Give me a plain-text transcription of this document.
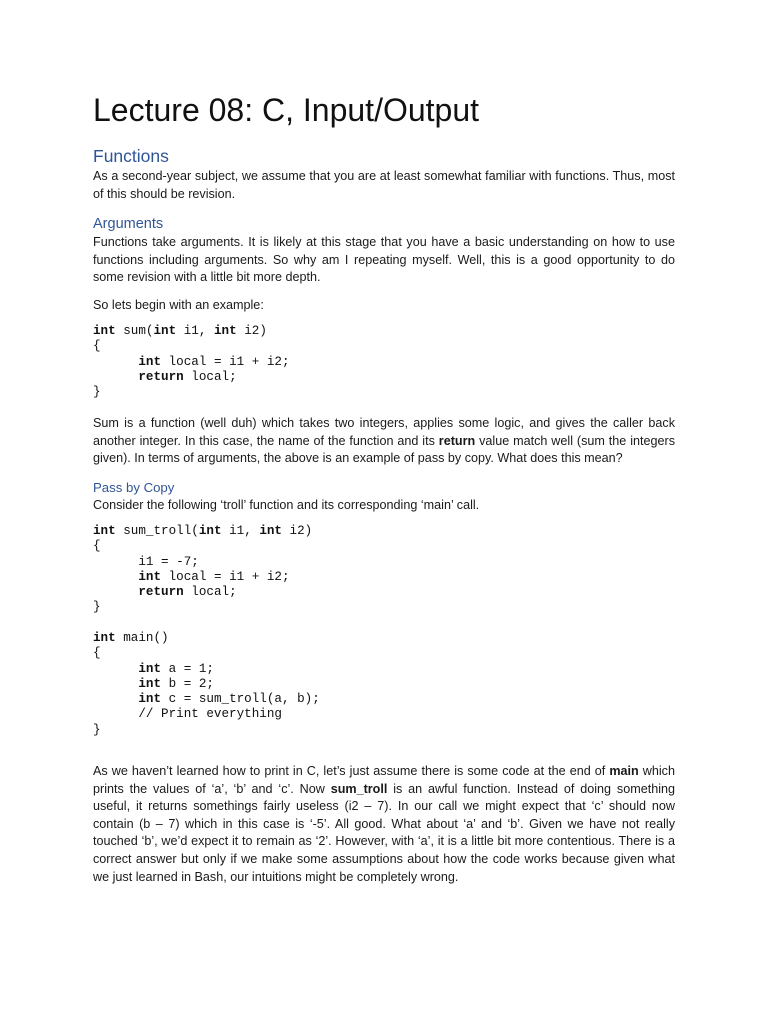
Lecture 08: C, Input/Output
Functions

As a second-year subject, we assume that you are at least somewhat familiar with functions. Thus, most of this should be revision.

Arguments

Functions take arguments. It is likely at this stage that you have a basic understanding on how to use functions including arguments. So why am I repeating myself. Well, this is a good opportunity to do some revision with a little bit more depth.

So lets begin with an example:

int sum(int i1, int i2)
{
int local = i1 + i2;
return local;
}

Sum is a function (well duh) which takes two integers, applies some logic, and gives the caller back another integer. In this case, the name of the function and its return value match well (sum the integers given). In terms of arguments, the above is an example of pass by copy. What does this mean?

Pass by Copy

Consider the following ‘troll’ function and its corresponding ‘main’ call.

int sum_troll(int i1, int i2)
{
i1 = -7;
int local = i1 + i2;
return local;
}
int main()
{
int a = 1;
int b = 2;
int c = sum_troll(a, b);
// Print everything
}

As we haven’t learned how to print in C, let’s just assume there is some code at the end of main which prints the values of ‘a’, ‘b’ and ‘c’. Now sum_troll is an awful function. Instead of doing something useful, it returns somethings fairly useless (i2 – 7). In our call we might expect that ‘c’ should now contain (b – 7) which in this case is ‘-5’. All good. What about ‘a’ and ‘b’. Given we have not really touched ‘b’, we’d expect it to remain as ‘2’. However, with ‘a’, it is a little bit more contentious. There is a correct answer but only if we make some assumptions about how the code works because given what we just learned in Bash, our intuitions might be completely wrong.
